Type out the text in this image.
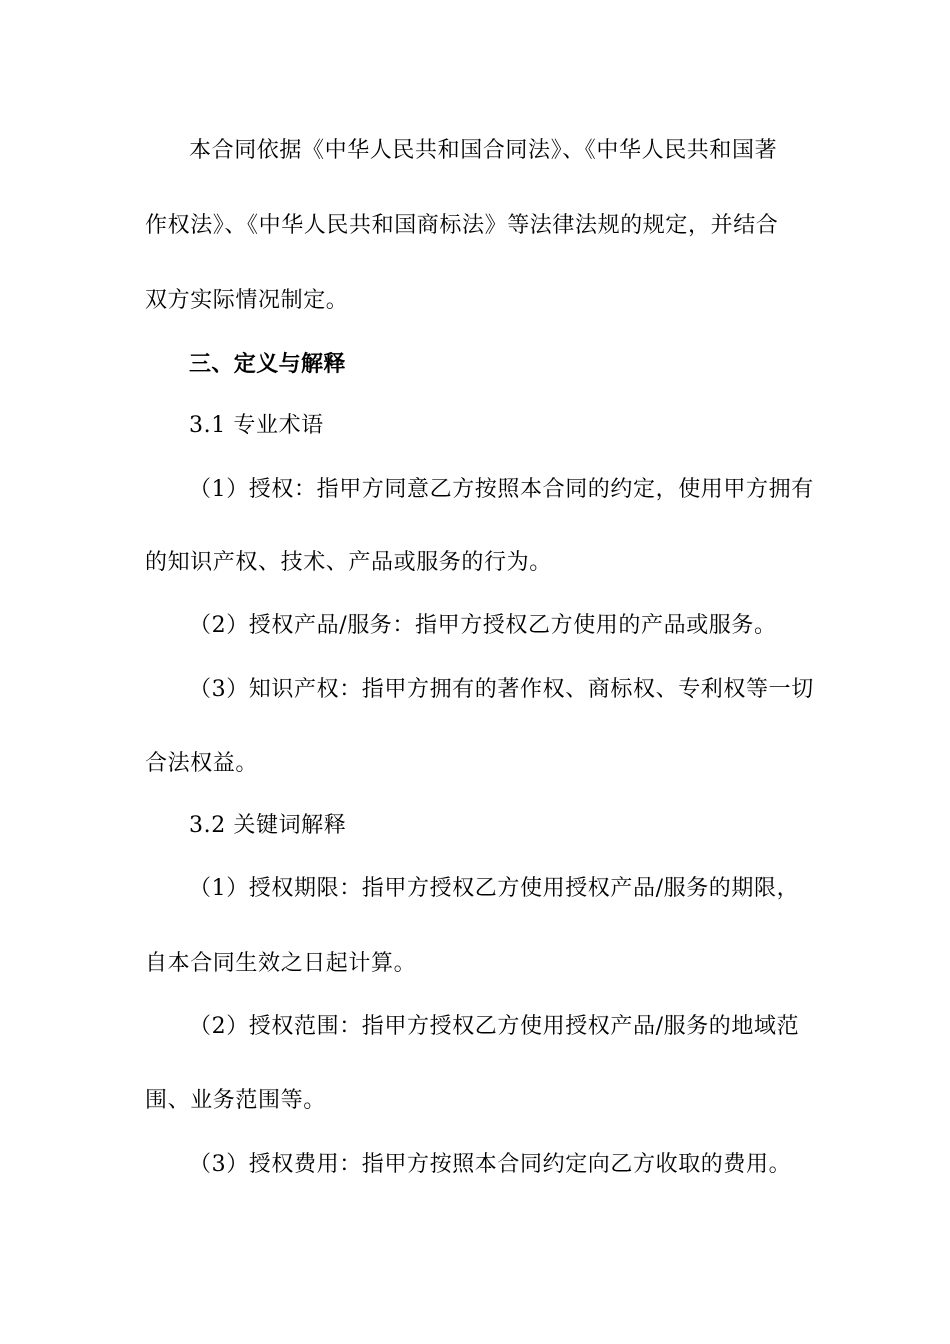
本合同依据《中华人民共和国合同法》、《中华人民共和国著
作权法》、《中华人民共和国商标法》等法律法规的规定，并结合
双方实际情况制定。
三、定义与解释
3.1 专业术语
（1）授权：指甲方同意乙方按照本合同的约定，使用甲方拥有
的知识产权、技术、产品或服务的行为。
（2）授权产品/服务：指甲方授权乙方使用的产品或服务。
（3）知识产权：指甲方拥有的著作权、商标权、专利权等一切
合法权益。
3.2 关键词解释
（1）授权期限：指甲方授权乙方使用授权产品/服务的期限，
自本合同生效之日起计算。
（2）授权范围：指甲方授权乙方使用授权产品/服务的地域范
围、业务范围等。
（3）授权费用：指甲方按照本合同约定向乙方收取的费用。
